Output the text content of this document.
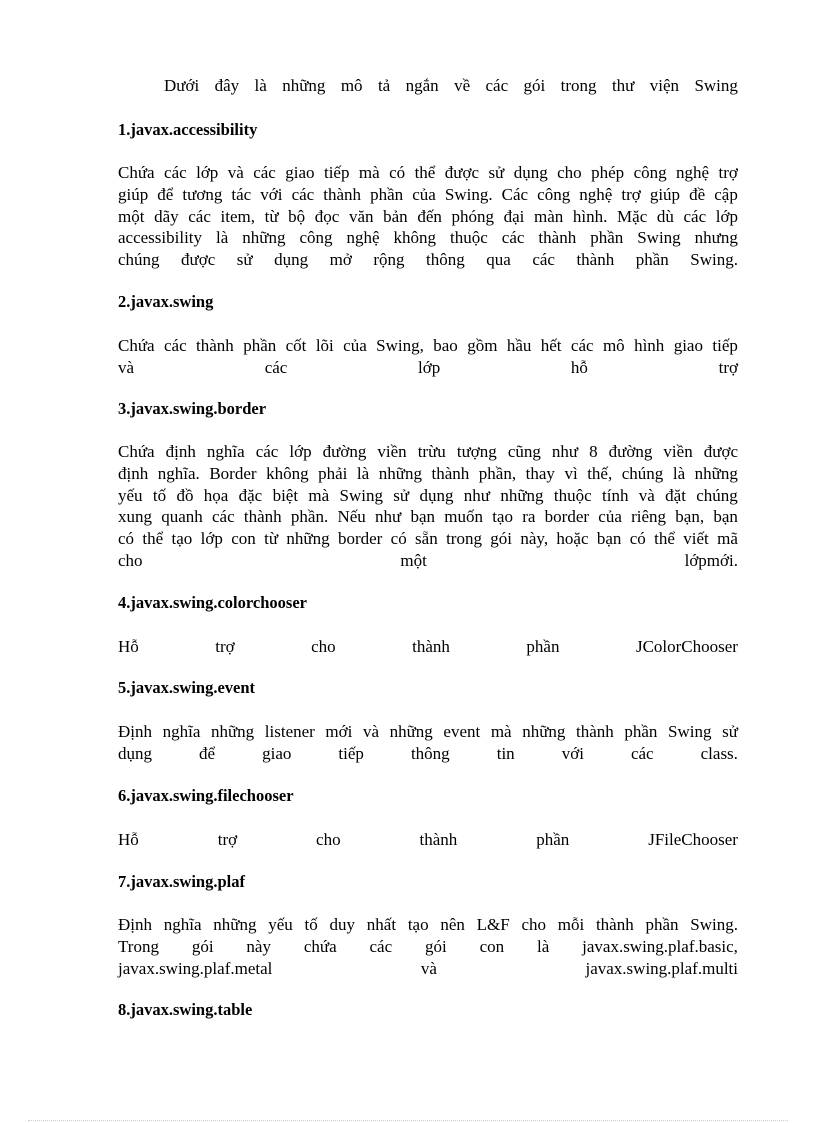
Dưới đây là những mô tả ngắn về các gói trong thư viện Swing
1.javax.accessibility
Chứa các lớp và các giao tiếp mà có thể được sử dụng cho phép công nghệ trợ
giúp để tương tác với các thành phần của Swing. Các công nghệ trợ giúp đề cập
một dãy các item, từ bộ đọc văn bản đến phóng đại màn hình. Mặc dù các lớp
accessibility là những công nghệ không thuộc các thành phần Swing nhưng
chúng được sử dụng mở rộng thông qua các thành phần Swing.
2.javax.swing
Chứa các thành phần cốt lõi của Swing, bao gồm hầu hết các mô hình giao tiếp
và	các	lớp	hỗ	trợ
3.javax.swing.border
Chứa định nghĩa các lớp đường viền trừu tượng cũng như 8 đường viền được
định nghĩa. Border không phải là những thành phần, thay vì thế, chúng là những
yếu tố đồ họa đặc biệt mà Swing sử dụng như những thuộc tính và đặt chúng
xung quanh các thành phần. Nếu như bạn muốn tạo ra border của riêng bạn, bạn
có thể tạo lớp con từ những border có sẵn trong gói này, hoặc bạn có thể viết mã
cho	một	lớpmới.
4.javax.swing.colorchooser
Hỗ	trợ	cho	thành	phần	JColorChooser
5.javax.swing.event
Định nghĩa những listener mới và những event mà những thành phần Swing sử
dụng	để	giao	tiếp	thông	tin	với	các	class.
6.javax.swing.filechooser
Hỗ	trợ	cho	thành	phần	JFileChooser
7.javax.swing.plaf
Định nghĩa những yếu tố duy nhất tạo nên L&F cho mỗi thành phần Swing.
Trong gói này chứa các gói con là javax.swing.plaf.basic,
javax.swing.plaf.metal	và	javax.swing.plaf.multi
8.javax.swing.table
